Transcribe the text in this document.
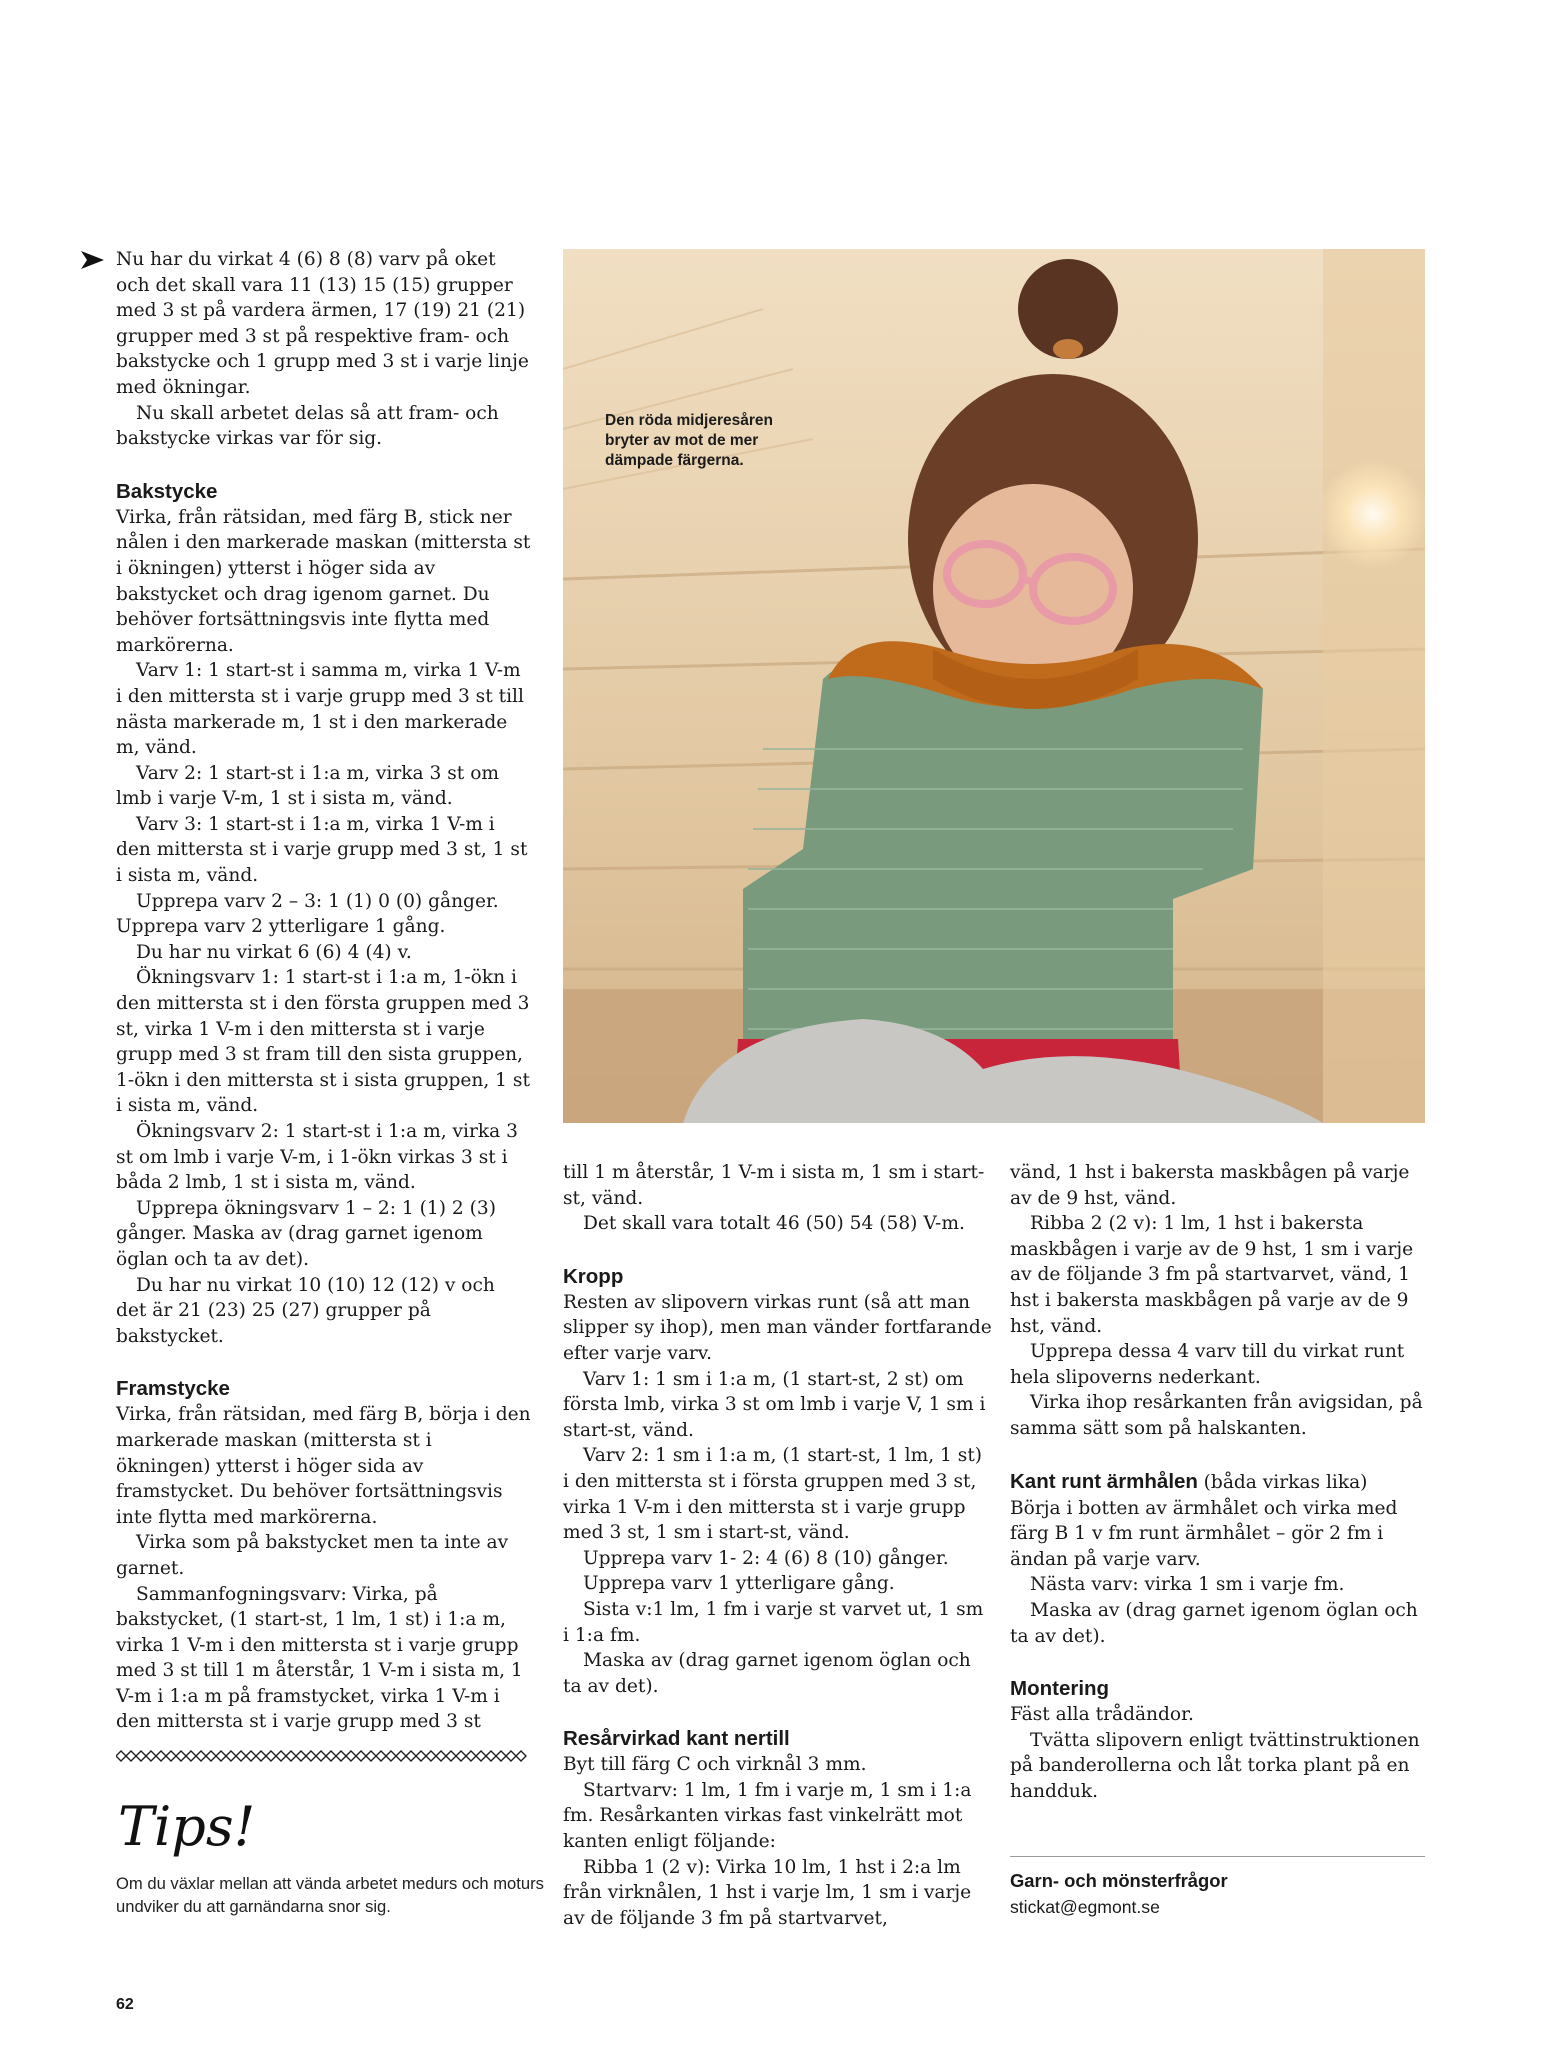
Nu har du virkat 4 (6) 8 (8) varv på oket och det skall vara 11 (13) 15 (15) grupper med 3 st på vardera ärmen, 17 (19) 21 (21) grupper med 3 st på respektive fram- och bakstycke och 1 grupp med 3 st i varje linje med ökningar.

Nu skall arbetet delas så att fram- och bakstycke virkas var för sig.

Bakstycke

Virka, från rätsidan, med färg B, stick ner nålen i den markerade maskan (mittersta st i ökningen) ytterst i höger sida av bakstycket och drag igenom garnet. Du behöver fortsättningsvis inte flytta med markörerna.

Varv 1: 1 start-st i samma m, virka 1 V-m i den mittersta st i varje grupp med 3 st till nästa markerade m, 1 st i den markerade m, vänd.

Varv 2: 1 start-st i 1:a m, virka 3 st om lmb i varje V-m, 1 st i sista m, vänd.

Varv 3: 1 start-st i 1:a m, virka 1 V-m i den mittersta st i varje grupp med 3 st, 1 st i sista m, vänd.

Upprepa varv 2 – 3: 1 (1) 0 (0) gånger. Upprepa varv 2 ytterligare 1 gång.

Du har nu virkat 6 (6) 4 (4) v.

Ökningsvarv 1: 1 start-st i 1:a m, 1-ökn i den mittersta st i den första gruppen med 3 st, virka 1 V-m i den mittersta st i varje grupp med 3 st fram till den sista gruppen, 1-ökn i den mittersta st i sista gruppen, 1 st i sista m, vänd.

Ökningsvarv 2: 1 start-st i 1:a m, virka 3 st om lmb i varje V-m, i 1-ökn virkas 3 st i båda 2 lmb, 1 st i sista m, vänd.

Upprepa ökningsvarv 1 – 2: 1 (1) 2 (3) gånger. Maska av (drag garnet igenom öglan och ta av det).

Du har nu virkat 10 (10) 12 (12) v och det är 21 (23) 25 (27) grupper på bakstycket.

Framstycke

Virka, från rätsidan, med färg B, börja i den markerade maskan (mittersta st i ökningen) ytterst i höger sida av framstycket. Du behöver fortsättningsvis inte flytta med markörerna.

Virka som på bakstycket men ta inte av garnet.

Sammanfogningsvarv: Virka, på bakstycket, (1 start-st, 1 lm, 1 st) i 1:a m, virka 1 V-m i den mittersta st i varje grupp med 3 st till 1 m återstår, 1 V-m i sista m, 1 V-m i 1:a m på framstycket, virka 1 V-m i den mittersta st i varje grupp med 3 st

Den röda midjeresåren
bryter av mot de mer
dämpade färgerna.

till 1 m återstår, 1 V-m i sista m, 1 sm i start-st, vänd.

Det skall vara totalt 46 (50) 54 (58) V-m.

Kropp

Resten av slipovern virkas runt (så att man slipper sy ihop), men man vänder fortfarande efter varje varv.

Varv 1: 1 sm i 1:a m, (1 start-st, 2 st) om första lmb, virka 3 st om lmb i varje V, 1 sm i start-st, vänd.

Varv 2: 1 sm i 1:a m, (1 start-st, 1 lm, 1 st) i den mittersta st i första gruppen med 3 st, virka 1 V-m i den mittersta st i varje grupp med 3 st, 1 sm i start-st, vänd.

Upprepa varv 1- 2: 4 (6) 8 (10) gånger.

Upprepa varv 1 ytterligare gång.

Sista v:1 lm, 1 fm i varje st varvet ut, 1 sm i 1:a fm.

Maska av (drag garnet igenom öglan och ta av det).

Resårvirkad kant nertill

Byt till färg C och virknål 3 mm.

Startvarv: 1 lm, 1 fm i varje m, 1 sm i 1:a fm. Resårkanten virkas fast vinkelrätt mot kanten enligt följande:

Ribba 1 (2 v): Virka 10 lm, 1 hst i 2:a lm från virknålen, 1 hst i varje lm, 1 sm i varje av de följande 3 fm på startvarvet,

vänd, 1 hst i bakersta maskbågen på varje av de 9 hst, vänd.

Ribba 2 (2 v): 1 lm, 1 hst i bakersta maskbågen i varje av de 9 hst, 1 sm i varje av de följande 3 fm på startvarvet, vänd, 1 hst i bakersta maskbågen på varje av de 9 hst, vänd.

Upprepa dessa 4 varv till du virkat runt hela slipoverns nederkant.

Virka ihop resårkanten från avigsidan, på samma sätt som på halskanten.

Kant runt ärmhålen (båda virkas lika)

Börja i botten av ärmhålet och virka med färg B 1 v fm runt ärmhålet – gör 2 fm i ändan på varje varv.

Nästa varv: virka 1 sm i varje fm.

Maska av (drag garnet igenom öglan och ta av det).

Montering

Fäst alla trådändor.

Tvätta slipovern enligt tvättinstruktionen på banderollerna och låt torka plant på en handduk.

Tips!
Om du växlar mellan att vända arbetet medurs och moturs undviker du att garnändarna snor sig.
Garn- och mönsterfrågor
stickat@egmont.se
62
